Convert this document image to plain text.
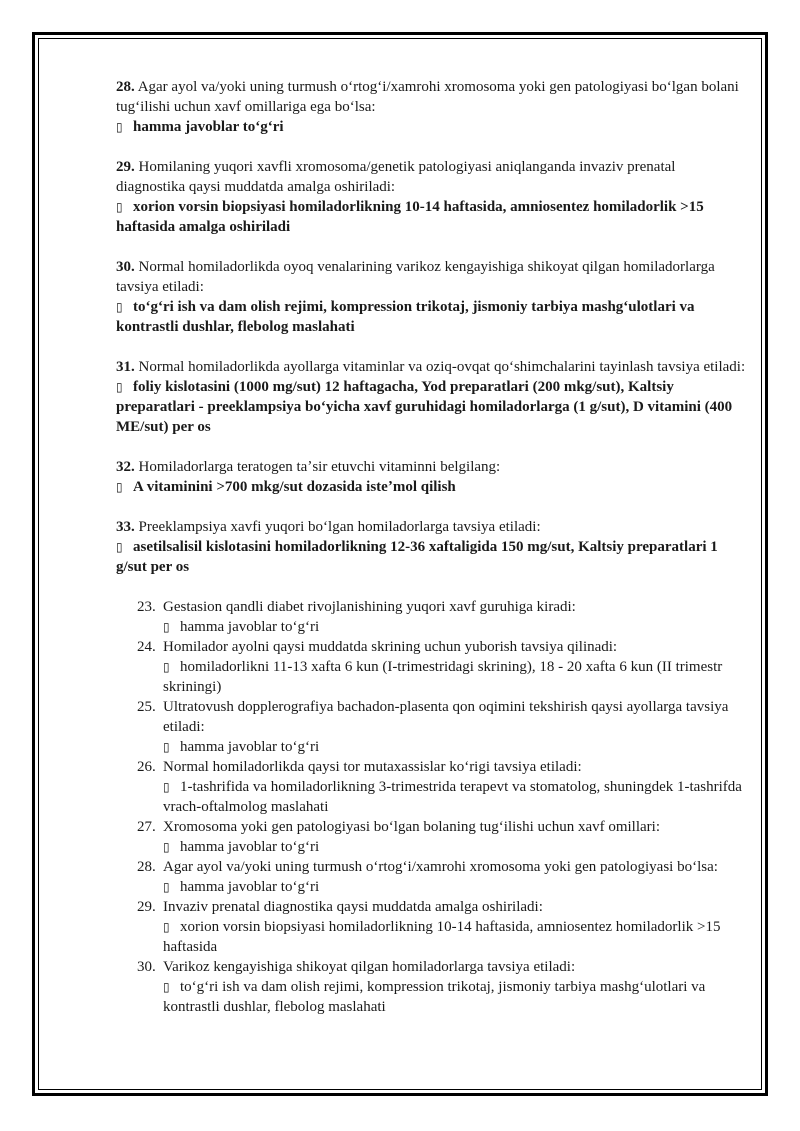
28. Agar ayol va/yoki uning turmush oʻrtogʻi/xamrohi xromosoma yoki gen patologiyasi boʻlgan bolani tugʻilishi uchun xavf omillariga ega boʻlsa:
▯ hamma javoblar toʻgʻri
29. Homilaning yuqori xavfli xromosoma/genetik patologiyasi aniqlanganda invaziv prenatal diagnostika qaysi muddatda amalga oshiriladi:
▯ xorion vorsin biopsiyasi homiladorlikning 10-14 haftasida, amniosentez homiladorlik >15 haftasida amalga oshiriladi
30. Normal homiladorlikda oyoq venalarining varikoz kengayishiga shikoyat qilgan homiladorlarga tavsiya etiladi:
▯ toʻgʻri ish va dam olish rejimi, kompression trikotaj, jismoniy tarbiya mashgʻulotlari va kontrastli dushlar, flebolog maslahati
31. Normal homiladorlikda ayollarga vitaminlar va oziq-ovqat qoʻshimchalarini tayinlash tavsiya etiladi:
▯ foliy kislotasini (1000 mg/sut) 12 haftagacha, Yod preparatlari (200 mkg/sut), Kaltsiy preparatlari - preeklampsiya boʻyicha xavf guruhidagi homiladorlarga (1 g/sut), D vitamini (400 ME/sut) per os
32. Homiladorlarga teratogen taʼsir etuvchi vitaminni belgilang:
▯ A vitaminini >700 mkg/sut dozasida isteʼmol qilish
33. Preeklampsiya xavfi yuqori boʻlgan homiladorlarga tavsiya etiladi:
▯ asetilsalisil kislotasini homiladorlikning 12-36 xaftaligida 150 mg/sut, Kaltsiy preparatlari 1 g/sut per os
23. Gestasion qandli diabet rivojlanishining yuqori xavf guruhiga kiradi:
▯ hamma javoblar toʻgʻri
24. Homilador ayolni qaysi muddatda skrining uchun yuborish tavsiya qilinadi:
▯ homiladorlikni 11-13 xafta 6 kun (I-trimestridagi skrining), 18 - 20 xafta 6 kun (II trimestr skriningi)
25. Ultratovush dopplerografiya bachadon-plasenta qon oqimini tekshirish qaysi ayollarga tavsiya etiladi:
▯ hamma javoblar toʻgʻri
26. Normal homiladorlikda qaysi tor mutaxassislar koʻrigi tavsiya etiladi:
▯ 1-tashrifida va homiladorlikning 3-trimestrida terapevt va stomatolog, shuningdek 1-tashrifda vrach-oftalmolog maslahati
27. Xromosoma yoki gen patologiyasi boʻlgan bolaning tugʻilishi uchun xavf omillari:
▯ hamma javoblar toʻgʻri
28. Agar ayol va/yoki uning turmush oʻrtogʻi/xamrohi xromosoma yoki gen patologiyasi boʻlsa:
▯ hamma javoblar toʻgʻri
29. Invaziv prenatal diagnostika qaysi muddatda amalga oshiriladi:
▯ xorion vorsin biopsiyasi homiladorlikning 10-14 haftasida, amniosentez homiladorlik >15 haftasida
30. Varikoz kengayishiga shikoyat qilgan homiladorlarga tavsiya etiladi:
▯ toʻgʻri ish va dam olish rejimi, kompression trikotaj, jismoniy tarbiya mashgʻulotlari va kontrastli dushlar, flebolog maslahati
